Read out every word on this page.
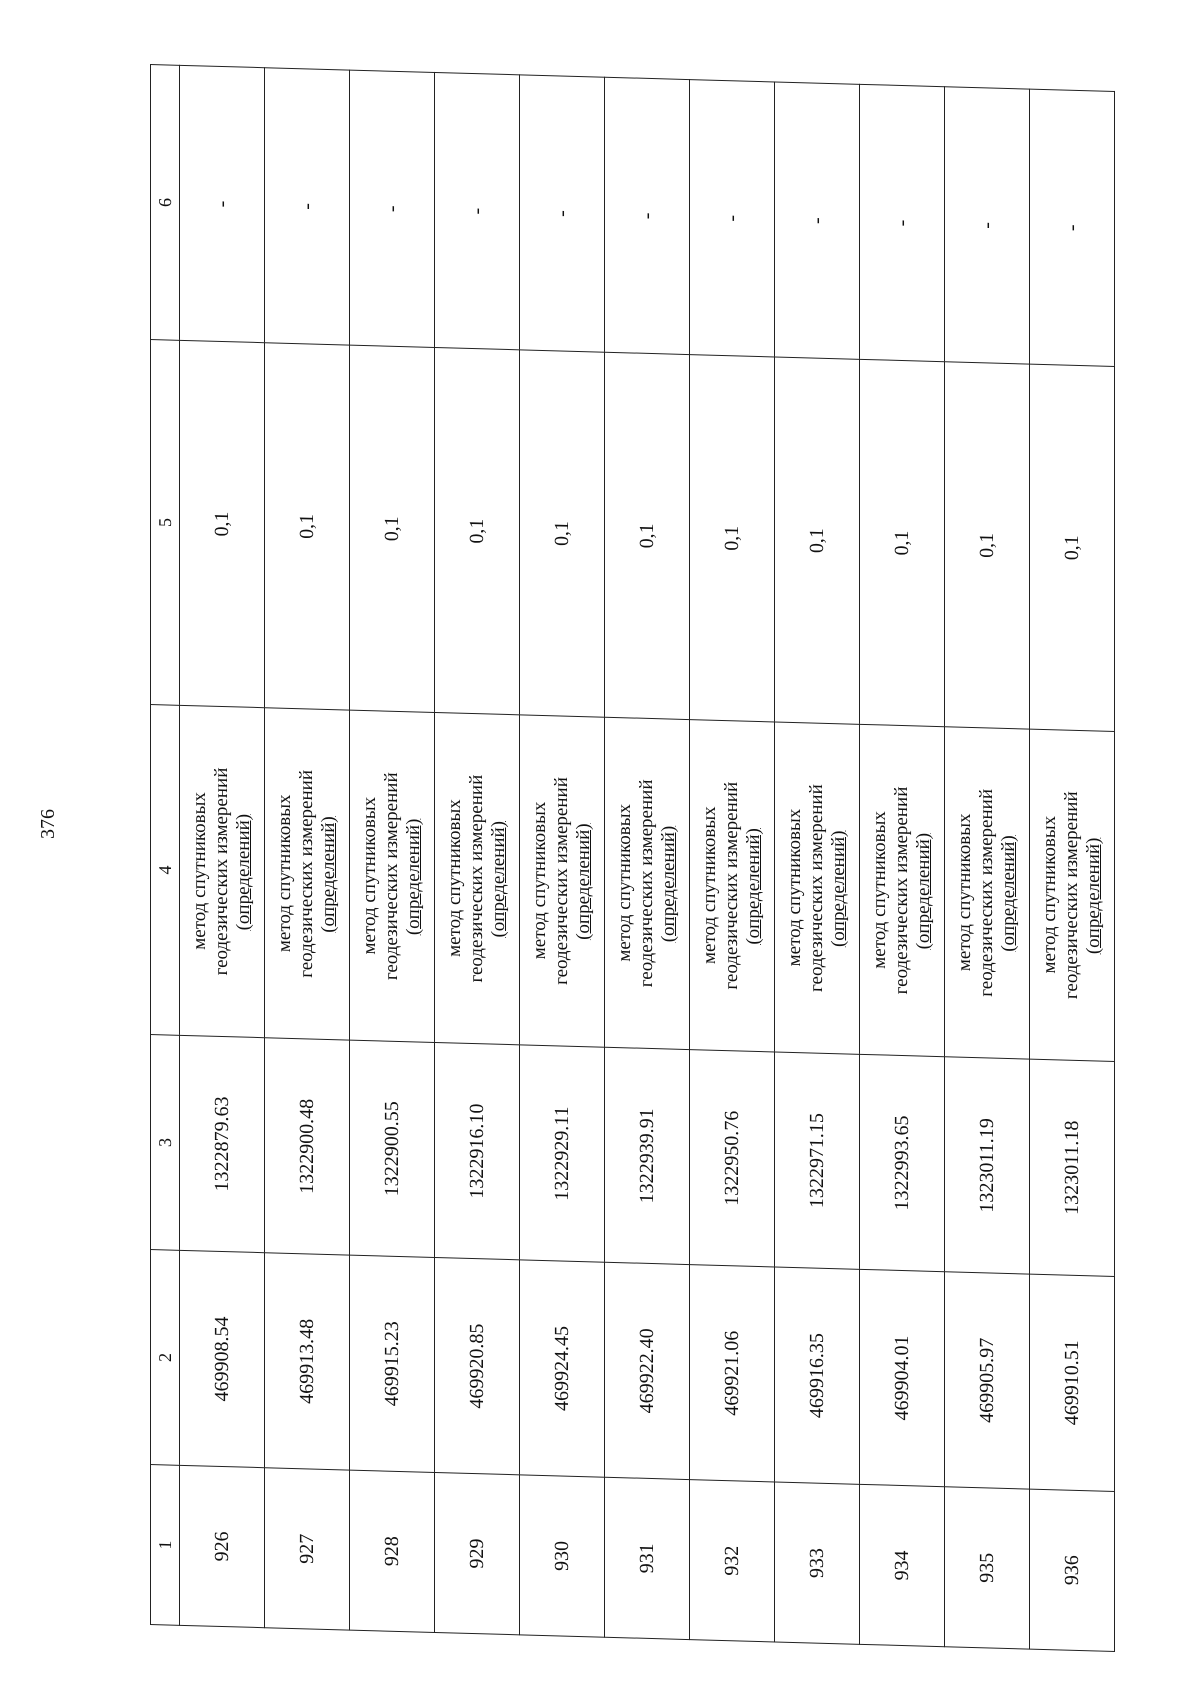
376
1	2	3	4	5	6
926	469908.54	1322879.63	метод спутниковых геодезических измерений (определений)	0,1	-
927	469913.48	1322900.48	метод спутниковых геодезических измерений (определений)	0,1	-
928	469915.23	1322900.55	метод спутниковых геодезических измерений (определений)	0,1	-
929	469920.85	1322916.10	метод спутниковых геодезических измерений (определений)	0,1	-
930	469924.45	1322929.11	метод спутниковых геодезических измерений (определений)	0,1	-
931	469922.40	1322939.91	метод спутниковых геодезических измерений (определений)	0,1	-
932	469921.06	1322950.76	метод спутниковых геодезических измерений (определений)	0,1	-
933	469916.35	1322971.15	метод спутниковых геодезических измерений (определений)	0,1	-
934	469904.01	1322993.65	метод спутниковых геодезических измерений (определений)	0,1	-
935	469905.97	1323011.19	метод спутниковых геодезических измерений (определений)	0,1	-
936	469910.51	1323011.18	метод спутниковых геодезических измерений (определений)	0,1	-
